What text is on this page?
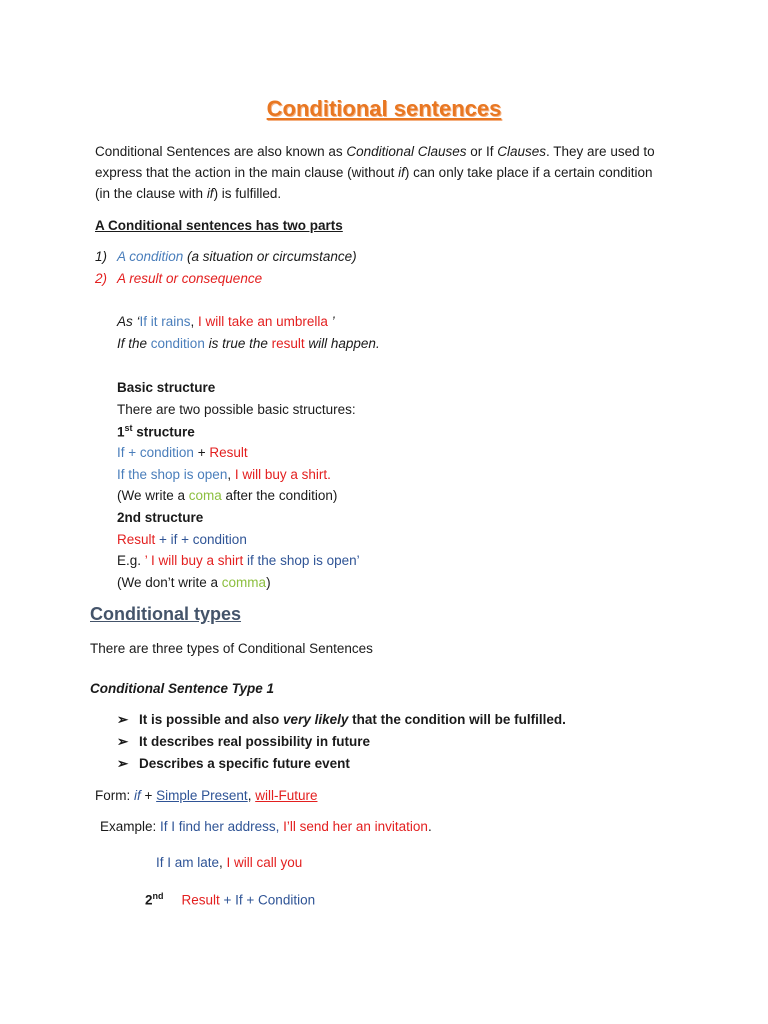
Conditional sentences
Conditional Sentences are also known as Conditional Clauses or If Clauses. They are used to
express that the action in the main clause (without if) can only take place if a certain condition
(in the clause with if) is fulfilled.
A Conditional sentences has two parts
1) A condition (a situation or circumstance)
2) A result or consequence
As ‘If it rains, I will take an umbrella ’
If the condition is true the result will happen.
Basic structure
There are two possible basic structures:
1st structure
If + condition + Result
If the shop is open, I will buy a shirt.
(We write a coma after the condition)
2nd structure
Result + if + condition
E.g. ’ I will buy a shirt if the shop is open’
(We don’t write a comma)
Conditional types
There are three types of Conditional Sentences
Conditional Sentence Type 1
➢ It is possible and also very likely that the condition will be fulfilled.
➢ It describes real possibility in future
➢ Describes a specific future event
Form: if + Simple Present, will-Future
Example: If I find her address, I’ll send her an invitation.
If I am late, I will call you
2nd Result + If + Condition
